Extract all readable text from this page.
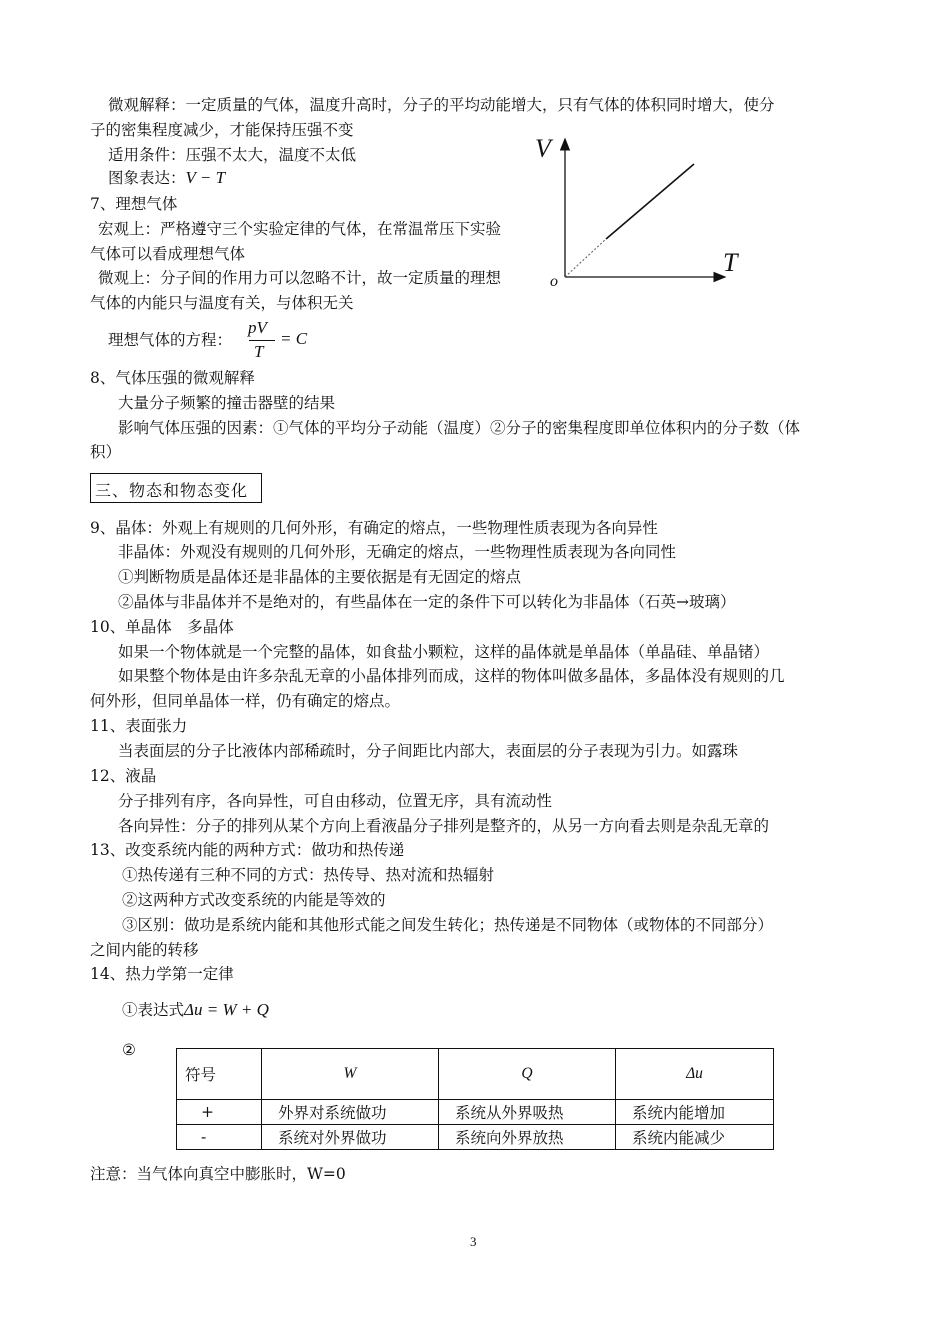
微观解释：一定质量的气体，温度升高时，分子的平均动能增大，只有气体的体积同时增大，使分
子的密集程度减少，才能保持压强不变
适用条件：压强不太大，温度不太低
图象表达：V − T
V
T
o
7、理想气体
宏观上：严格遵守三个实验定律的气体，在常温常压下实验
气体可以看成理想气体
微观上：分子间的作用力可以忽略不计，故一定质量的理想
气体的内能只与温度有关，与体积无关
理想气体的方程：
pV
T
= C
8、气体压强的微观解释
大量分子频繁的撞击器壁的结果
影响气体压强的因素：①气体的平均分子动能（温度）②分子的密集程度即单位体积内的分子数（体
积）
三、物态和物态变化
9、晶体：外观上有规则的几何外形，有确定的熔点，一些物理性质表现为各向异性
非晶体：外观没有规则的几何外形，无确定的熔点，一些物理性质表现为各向同性
①判断物质是晶体还是非晶体的主要依据是有无固定的熔点
②晶体与非晶体并不是绝对的，有些晶体在一定的条件下可以转化为非晶体（石英→玻璃）
10、单晶体　多晶体
如果一个物体就是一个完整的晶体，如食盐小颗粒，这样的晶体就是单晶体（单晶硅、单晶锗）
如果整个物体是由许多杂乱无章的小晶体排列而成，这样的物体叫做多晶体，多晶体没有规则的几
何外形，但同单晶体一样，仍有确定的熔点。
11、表面张力
当表面层的分子比液体内部稀疏时，分子间距比内部大，表面层的分子表现为引力。如露珠
12、液晶
分子排列有序，各向异性，可自由移动，位置无序，具有流动性
各向异性：分子的排列从某个方向上看液晶分子排列是整齐的，从另一方向看去则是杂乱无章的
13、改变系统内能的两种方式：做功和热传递
①热传递有三种不同的方式：热传导、热对流和热辐射
②这两种方式改变系统的内能是等效的
③区别：做功是系统内能和其他形式能之间发生转化；热传递是不同物体（或物体的不同部分）
之间内能的转移
14、热力学第一定律
①表达式Δu = W + Q
②
符号	W	Q	Δu
+	外界对系统做功	系统从外界吸热	系统内能增加
-	系统对外界做功	系统向外界放热	系统内能减少
注意：当气体向真空中膨胀时，W=0
3
